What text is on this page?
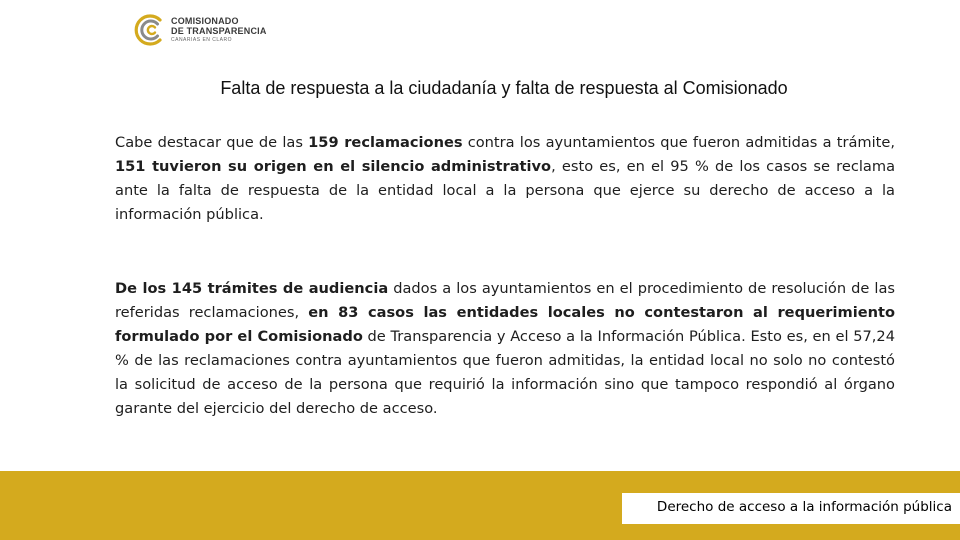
COMISIONADO
DE TRANSPARENCIA
CANARIAS EN CLARO
Falta de respuesta a la ciudadanía y falta de respuesta al Comisionado

Cabe destacar que de las 159 reclamaciones contra los ayuntamientos que fueron admitidas a trámite, 151 tuvieron su origen en el silencio administrativo, esto es, en el 95 % de los casos se reclama ante la falta de respuesta de la entidad local a la persona que ejerce su derecho de acceso a la información pública.

De los 145 trámites de audiencia dados a los ayuntamientos en el procedimiento de resolución de las referidas reclamaciones, en 83 casos las entidades locales no contestaron al requerimiento formulado por el Comisionado de Transparencia y Acceso a la Información Pública. Esto es, en el 57,24 % de las reclamaciones contra ayuntamientos que fueron admitidas, la entidad local no solo no contestó la solicitud de acceso de la persona que requirió la información sino que tampoco respondió al órgano garante del ejercicio del derecho de acceso.

Derecho de acceso a la información pública
